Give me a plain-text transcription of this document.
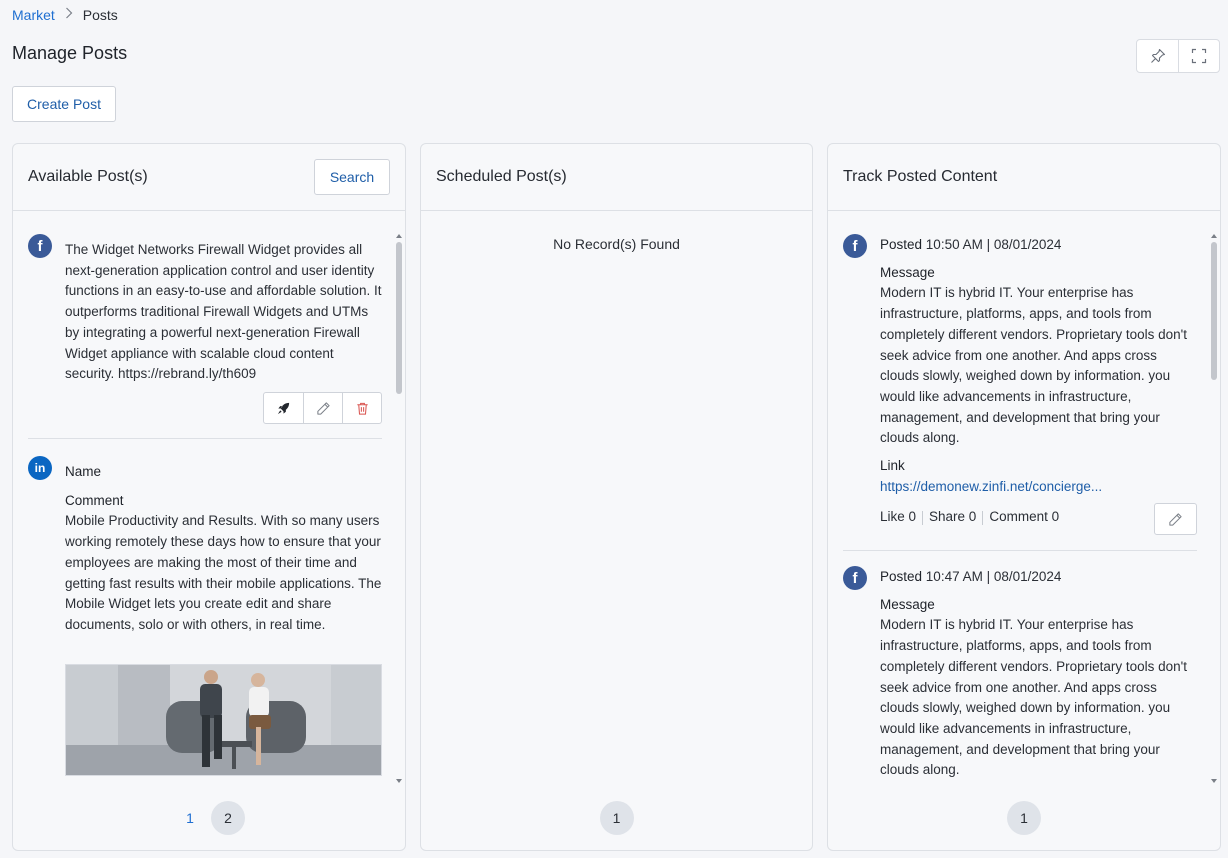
Market Posts
Manage Posts
Create Post
Available Post(s)	Search
f	The Widget Networks Firewall Widget provides all next-generation application control and user identity functions in an easy-to-use and affordable solution. It outperforms traditional Firewall Widgets and UTMs by integrating a powerful next-generation Firewall Widget appliance with scalable cloud content security. https://rebrand.ly/th609
in	Name
Comment
Mobile Productivity and Results. With so many users working remotely these days how to ensure that your employees are making the most of their time and getting fast results with their mobile applications. The Mobile Widget lets you create edit and share documents, solo or with others, in real time.
1	2
Scheduled Post(s)
No Record(s) Found
1
Track Posted Content
f	Posted 10:50 AM | 08/01/2024
Message
Modern IT is hybrid IT. Your enterprise has infrastructure, platforms, apps, and tools from completely different vendors. Proprietary tools don't seek advice from one another. And apps cross clouds slowly, weighed down by information. you would like advancements in infrastructure, management, and development that bring your clouds along.
Link
https://demonew.zinfi.net/concierge...
Like 0 Share 0 Comment 0
f	Posted 10:47 AM | 08/01/2024
Message
Modern IT is hybrid IT. Your enterprise has infrastructure, platforms, apps, and tools from completely different vendors. Proprietary tools don't seek advice from one another. And apps cross clouds slowly, weighed down by information. you would like advancements in infrastructure, management, and development that bring your clouds along.
1
